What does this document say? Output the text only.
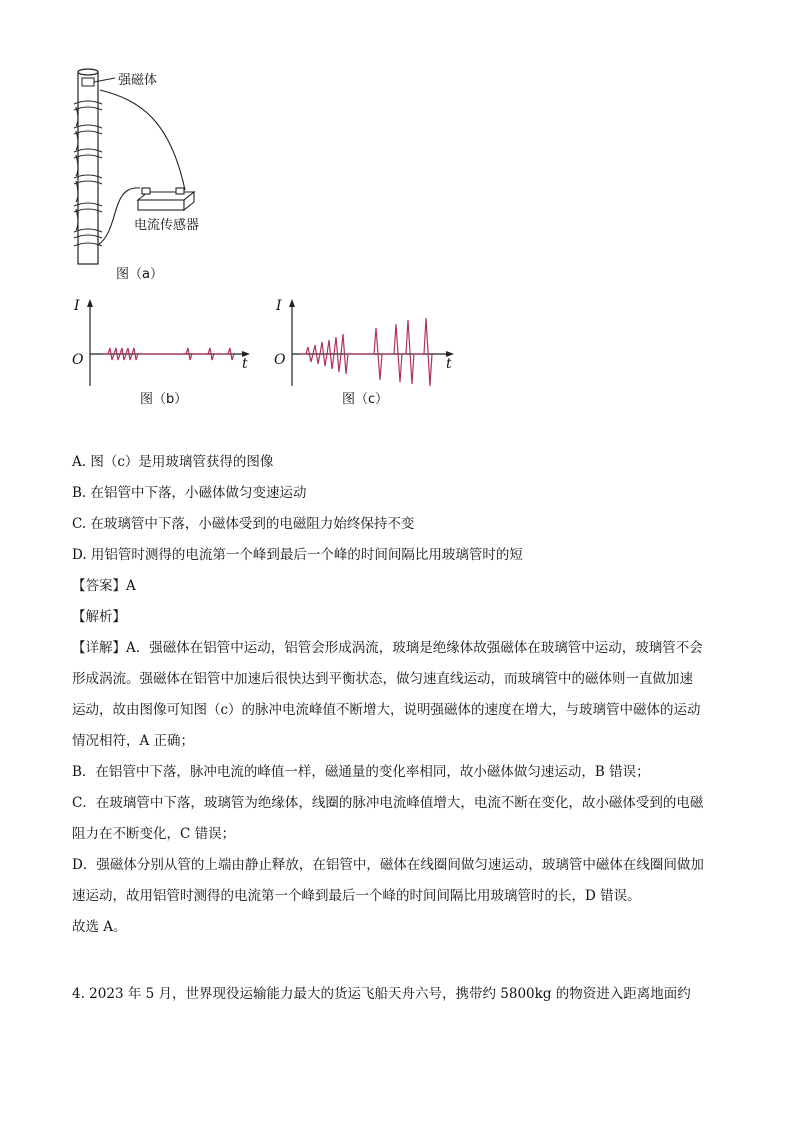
强磁体
电流传感器
图（a）
I
O	t
图（b）
I
O	t
图（c）
A. 图（c）是用玻璃管获得的图像
B. 在铝管中下落，小磁体做匀变速运动
C. 在玻璃管中下落，小磁体受到的电磁阻力始终保持不变
D. 用铝管时测得的电流第一个峰到最后一个峰的时间间隔比用玻璃管时的短
【答案】A
【解析】
【详解】A．强磁体在铝管中运动，铝管会形成涡流，玻璃是绝缘体故强磁体在玻璃管中运动，玻璃管不会
形成涡流。强磁体在铝管中加速后很快达到平衡状态，做匀速直线运动，而玻璃管中的磁体则一直做加速
运动，故由图像可知图（c）的脉冲电流峰值不断增大，说明强磁体的速度在增大，与玻璃管中磁体的运动
情况相符，A 正确；
B．在铝管中下落，脉冲电流的峰值一样，磁通量的变化率相同，故小磁体做匀速运动，B 错误；
C．在玻璃管中下落，玻璃管为绝缘体，线圈的脉冲电流峰值增大，电流不断在变化，故小磁体受到的电磁
阻力在不断变化，C 错误；
D．强磁体分别从管的上端由静止释放，在铝管中，磁体在线圈间做匀速运动，玻璃管中磁体在线圈间做加
速运动，故用铝管时测得的电流第一个峰到最后一个峰的时间间隔比用玻璃管时的长，D 错误。
故选 A。
4. 2023 年 5 月，世界现役运输能力最大的货运飞船天舟六号，携带约 5800kg 的物资进入距离地面约
